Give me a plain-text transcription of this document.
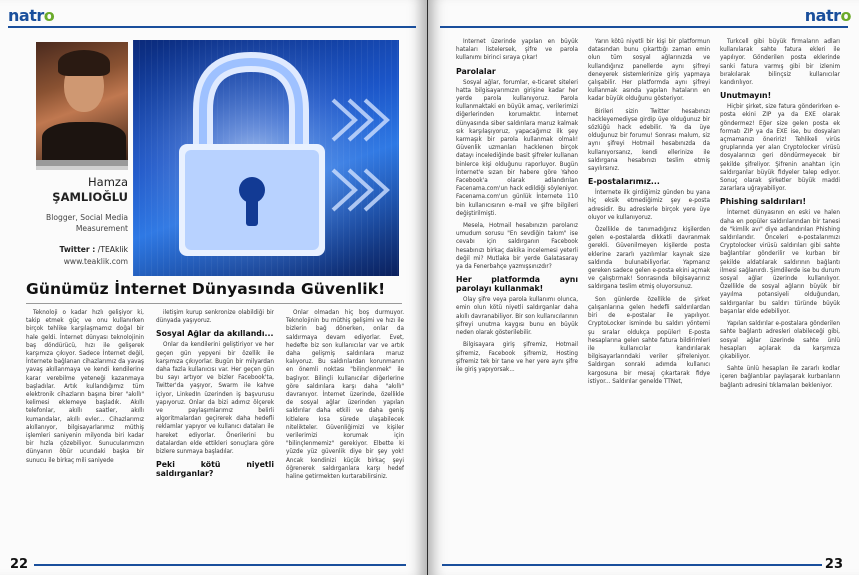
natro
Hamza
ŞAMLIOĞLU
Blogger, Social Media Measurement
Twitter : /TEAklik
www.teaklik.com
Günümüz İnternet Dünyasında Güvenlik!

Teknoloji o kadar hızlı gelişiyor ki, takip etmek güç ve onu kullanırken birçok tehlike karşılaşmamız doğal bir hale geldi. İnternet dünyası teknolojinin baş döndürücü, hızı ile gelişerek karşımıza çıkıyor. Sadece İnternet değil, İnternete bağlanan cihazlarımız da yavaş yavaş akıllanmaya ve kendi kendilerine karar verebilme yeteneği kazanmaya başladılar. Artık kullandığımız tüm elektronik cihazların başına birer "akıllı" kelimesi eklemeye başladık. Akıllı telefonlar, akıllı saatler, akıllı kumandalar, akıllı evler... Cihazlarımız akıllanıyor, bilgisayarlarımız müthiş işlemleri saniyenin milyonda biri kadar bir hızla çözebiliyor. Sunucularımızın dünyanın öbür ucundaki başka bir sunucu ile birkaç mili saniyede

iletişim kurup senkronize olabildiği bir dünyada yaşıyoruz.

Sosyal Ağlar da akıllandı...

Onlar da kendilerini geliştiriyor ve her geçen gün yepyeni bir özellik ile karşımıza çıkıyorlar. Bugün bir milyardan daha fazla kullanıcısı var. Her geçen gün bu sayı artıyor ve bizler Facebook'ta, Twitter'da yaşıyor, Swarm ile kahve içiyor, LinkedIn üzerinden iş başvurusu yapıyoruz. Onlar da bizi adımız ölçerek ve paylaşımlarımız belirli algoritmalardan geçirerek daha hedefli reklamlar yapıyor ve kullanıcı dataları ile hareket ediyorlar. Önerilerini bu datalardan elde ettikleri sonuçlara göre bizlere sunmaya başladılar.

Peki kötü niyetli saldırganlar?

Onlar olmadan hiç boş durmuyor. Teknolojinin bu müthiş gelişimi ve hızı ile bizlerin bağ dönerken, onlar da saldırmaya devam ediyorlar. Evet, hedefte biz son kullanıcılar var ve artık daha gelişmiş saldırılara maruz kalıyoruz. Bu saldırılardan korunmanın en önemli noktası "bilinçlenmek" ile başlıyor. Bilinçli kullanıcılar diğerlerine göre saldırılara karşı daha "akıllı" davranıyor. İnternet üzerinde, özellikle de sosyal ağlar üzerinden yapılan saldırılar daha etkili ve daha geniş kitlelere kısa sürede ulaşabilecek nitelikteler. Güvenliğimizi ve kişiler verilerimizi korumak için "bilinçlenmemiz" gerekiyor. Elbette ki yüzde yüz güvenlik diye bir şey yok! Ancak kendinizi küçük birkaç şeyi öğrenerek saldırganlara karşı hedef haline getirmekten kurtarabilirsiniz.

22
natro

İnternet üzerinde yapılan en büyük hataları listelersek, şifre ve parola kullanımı birinci sıraya çıkar!

Parolalar

Sosyal ağlar, forumlar, e-ticaret siteleri hatta bilgisayarımızın girişine kadar her yerde parola kullanıyoruz. Parola kullanmaktaki en büyük amaç, verilerimizi diğerlerinden korumaktır. İnternet dünyasında siber saldırılara maruz kalmak sık karşılaşıyoruz, yapacağımız ilk şey karmaşık bir parola kullanmak olmalı! Güvenlik uzmanları hacklenen birçok datayı incelediğinde basit şifreler kullanan binlerce kişi olduğunu raporluyor. Bugün İnternet'e sızan bir habere göre Yahoo Facebook'a olarak adlandırılan Facenama.com'un hack edildiği söyleniyor. Facenama.com'un günlük İnternete 110 bin kullanıcısının e-mail ve şifre bilgileri değiştirilmişti.

Mesela, Hotmail hesabınızın parolanız umudum sorusu "En sevdiğin takım" ise cevabı için saldırganın Facebook hesabınızı birkaç dakika incelemesi yeterli değil mi? Mutlaka bir yerde Galatasaray ya da Fenerbahçe yazmışsınızdır?

Her platformda aynı parolayı kullanmak!

Olay şifre veya parola kullanımı olunca, emin olun kötü niyetli saldırganlar daha akıllı davranabiliyor. Bir son kullanıcılarının şifreyi unutma kaygısı bunu en büyük neden olarak gösterilebilir.

Bilgisayara giriş şifremiz, Hotmail şifremiz, Facebook şifremiz, Hosting şifremiz tek bir tane ve her yere aynı şifre ile giriş yapıyorsak...

Yarın kötü niyetli bir kişi bir platformun datasından bunu çıkarttığı zaman emin olun tüm sosyal ağlarınızda ve kullandığınız panellerde aynı şifreyi deneyerek sistemlerinize giriş yapmaya çalışabilir. Her platformda aynı şifreyi kullanmak asında yapılan hataların en kadar büyük olduğunu gösteriyor.

Birileri sizin Twitter hesabınızı hackleyemediyse girdip üye olduğunuz bir sözlüğü hack edebilir. Ya da üye olduğunuz bir forumu! Sonrası malum, siz aynı şifreyi Hotmail hesabınızda da kullanıyorsanız, kendi ellerinize ile saldırgana hesabınızı teslim etmiş sayılırsınız.

E-postalarımız...

İnternete ilk girdiğimiz günden bu yana hiç eksik etmediğimiz şey e-posta adresidir. Bu adreslerle birçok yere üye oluyor ve kullanıyoruz.

Özellikle de tanımadığınız kişilerden gelen e-postalarda dikkatli davranmak gerekli. Güvenilmeyen kişilerde posta eklerine zararlı yazılımlar kaynak size saldırıda bulunabiliyorlar. Yapmanız gereken sadece gelen e-posta ekini açmak ve çalıştırmak! Sonrasında bilgisayarınız saldırgana teslim etmiş oluyorsunuz.

Son günlerde özellikle de şirket çalışanlarına gelen hedefli saldırılardan biri de e-postalar ile yapılıyor. CryptoLocker isminde bu saldırı yöntemi şu sıralar oldukça popüler! E-posta hesaplarına gelen sahte fatura bildirimleri ile kullanıcılar kandırılarak bilgisayarlarındaki veriler şifreleniyor. Saldırgan sonraki adımda kullanıcı kargosuna bir mesaj çıkartarak fidye istiyor... Saldırılar genelde TTNet,

Turkcell gibi büyük firmaların adları kullanılarak sahte fatura ekleri ile yapılıyor. Gönderilen posta eklerinde sanki fatura varmış gibi bir izlenim bırakılarak bilinçsiz kullanıcılar kandırılıyor.

Unutmayın!

Hiçbir şirket, size fatura gönderirken e-posta ekini ZIP ya da EXE olarak göndermez! Eğer size gelen posta ek formatı ZIP ya da EXE ise, bu dosyaları açmamanızı öneririz! Tehlikeli virüs gruplarında yer alan Cryptolocker virüsü dosyalarınızı geri döndürmeyecek bir şekilde şifreliyor. Şifrenin anahtarı için saldırganlar büyük fidyeler talep ediyor. Sonuç olarak şirketler büyük maddi zararlara uğrayabiliyor.

Phishing saldırıları!

İnternet dünyasının en eski ve halen daha en popüler saldırılarından bir tanesi de "kimlik avı" diye adlandırılan Phishing saldırılarıdır. Önceleri e-postalarımızı Cryptolocker virüsü saldırıları gibi sahte bağlantılar gönderilir ve kurban bir şekilde aldatılarak saldırının bağlantı ilmesi sağlanırdı. Şimdilerde ise bu durum sosyal ağlar üzerinde kullanılıyor. Özellikle de sosyal ağların büyük bir yayılma potansiyeli olduğundan, saldırganlar bu saldırı türünde büyük başarılar elde edebiliyor.

Yapılan saldırılar e-postalara gönderilen sahte bağlantı adresleri olabileceği gibi, sosyal ağlar üzerinde sahte ünlü hesapları açılarak da karşımıza çıkabiliyor.

Sahte ünlü hesapları ile zararlı kodlar içeren bağlantılar paylaşarak kurbanların bağlantı adresini tıklamaları bekleniyor.

23
